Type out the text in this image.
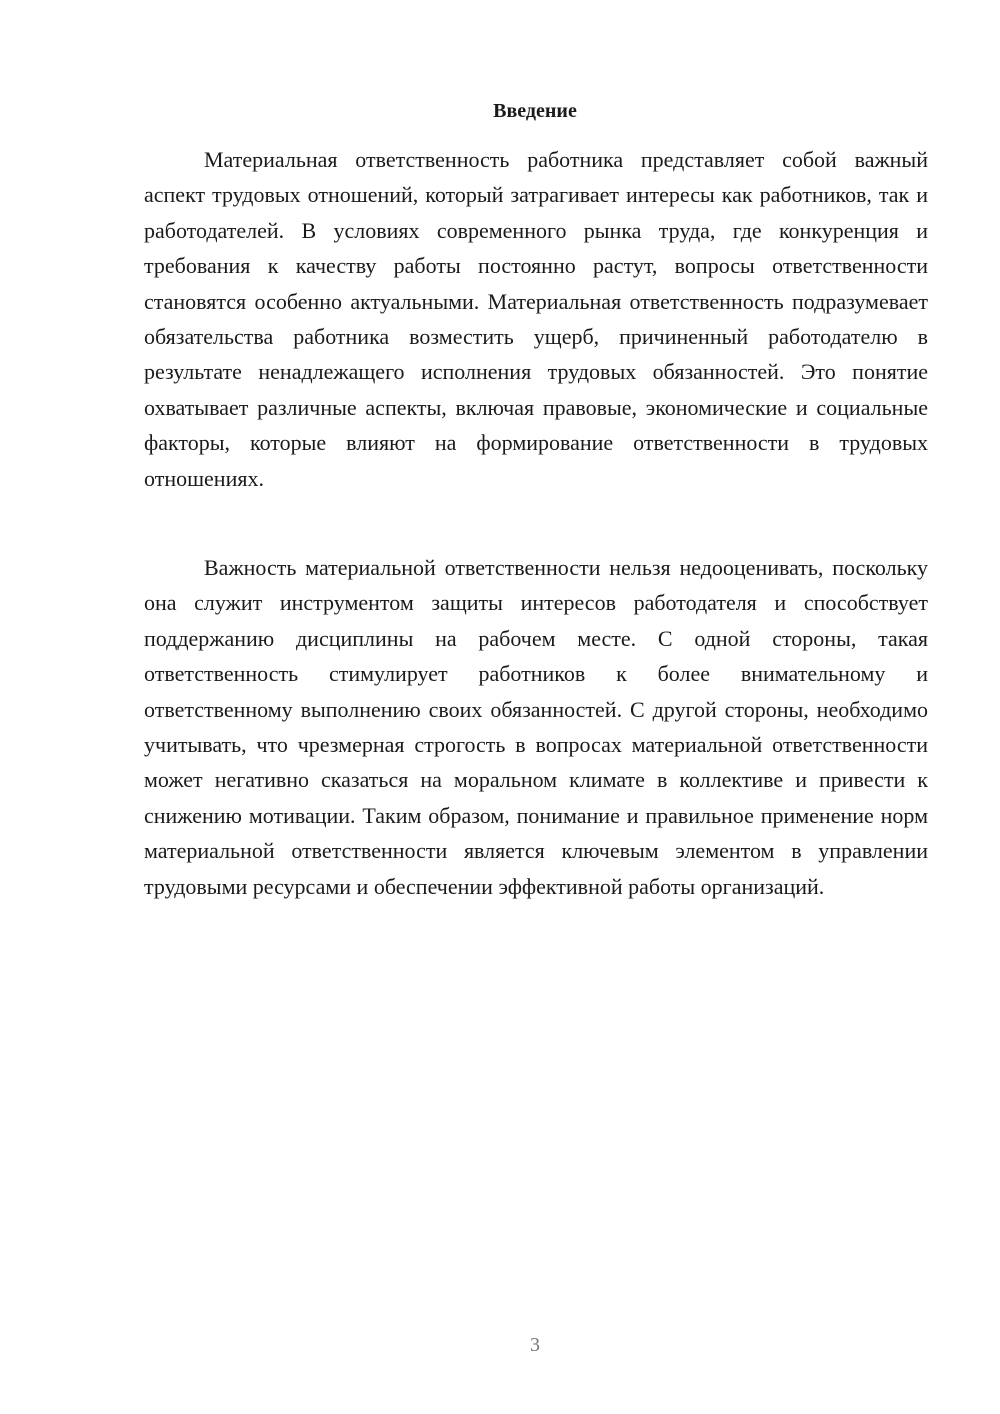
Введение

Материальная ответственность работника представляет собой важный аспект трудовых отношений, который затрагивает интересы как работников, так и работодателей. В условиях современного рынка труда, где конкуренция и требования к качеству работы постоянно растут, вопросы ответственности становятся особенно актуальными. Материальная ответственность подразумевает обязательства работника возместить ущерб, причиненный работодателю в результате ненадлежащего исполнения трудовых обязанностей. Это понятие охватывает различные аспекты, включая правовые, экономические и социальные факторы, которые влияют на формирование ответственности в трудовых отношениях.

Важность материальной ответственности нельзя недооценивать, поскольку она служит инструментом защиты интересов работодателя и способствует поддержанию дисциплины на рабочем месте. С одной стороны, такая ответственность стимулирует работников к более внимательному и ответственному выполнению своих обязанностей. С другой стороны, необходимо учитывать, что чрезмерная строгость в вопросах материальной ответственности может негативно сказаться на моральном климате в коллективе и привести к снижению мотивации. Таким образом, понимание и правильное применение норм материальной ответственности является ключевым элементом в управлении трудовыми ресурсами и обеспечении эффективной работы организаций.

3
